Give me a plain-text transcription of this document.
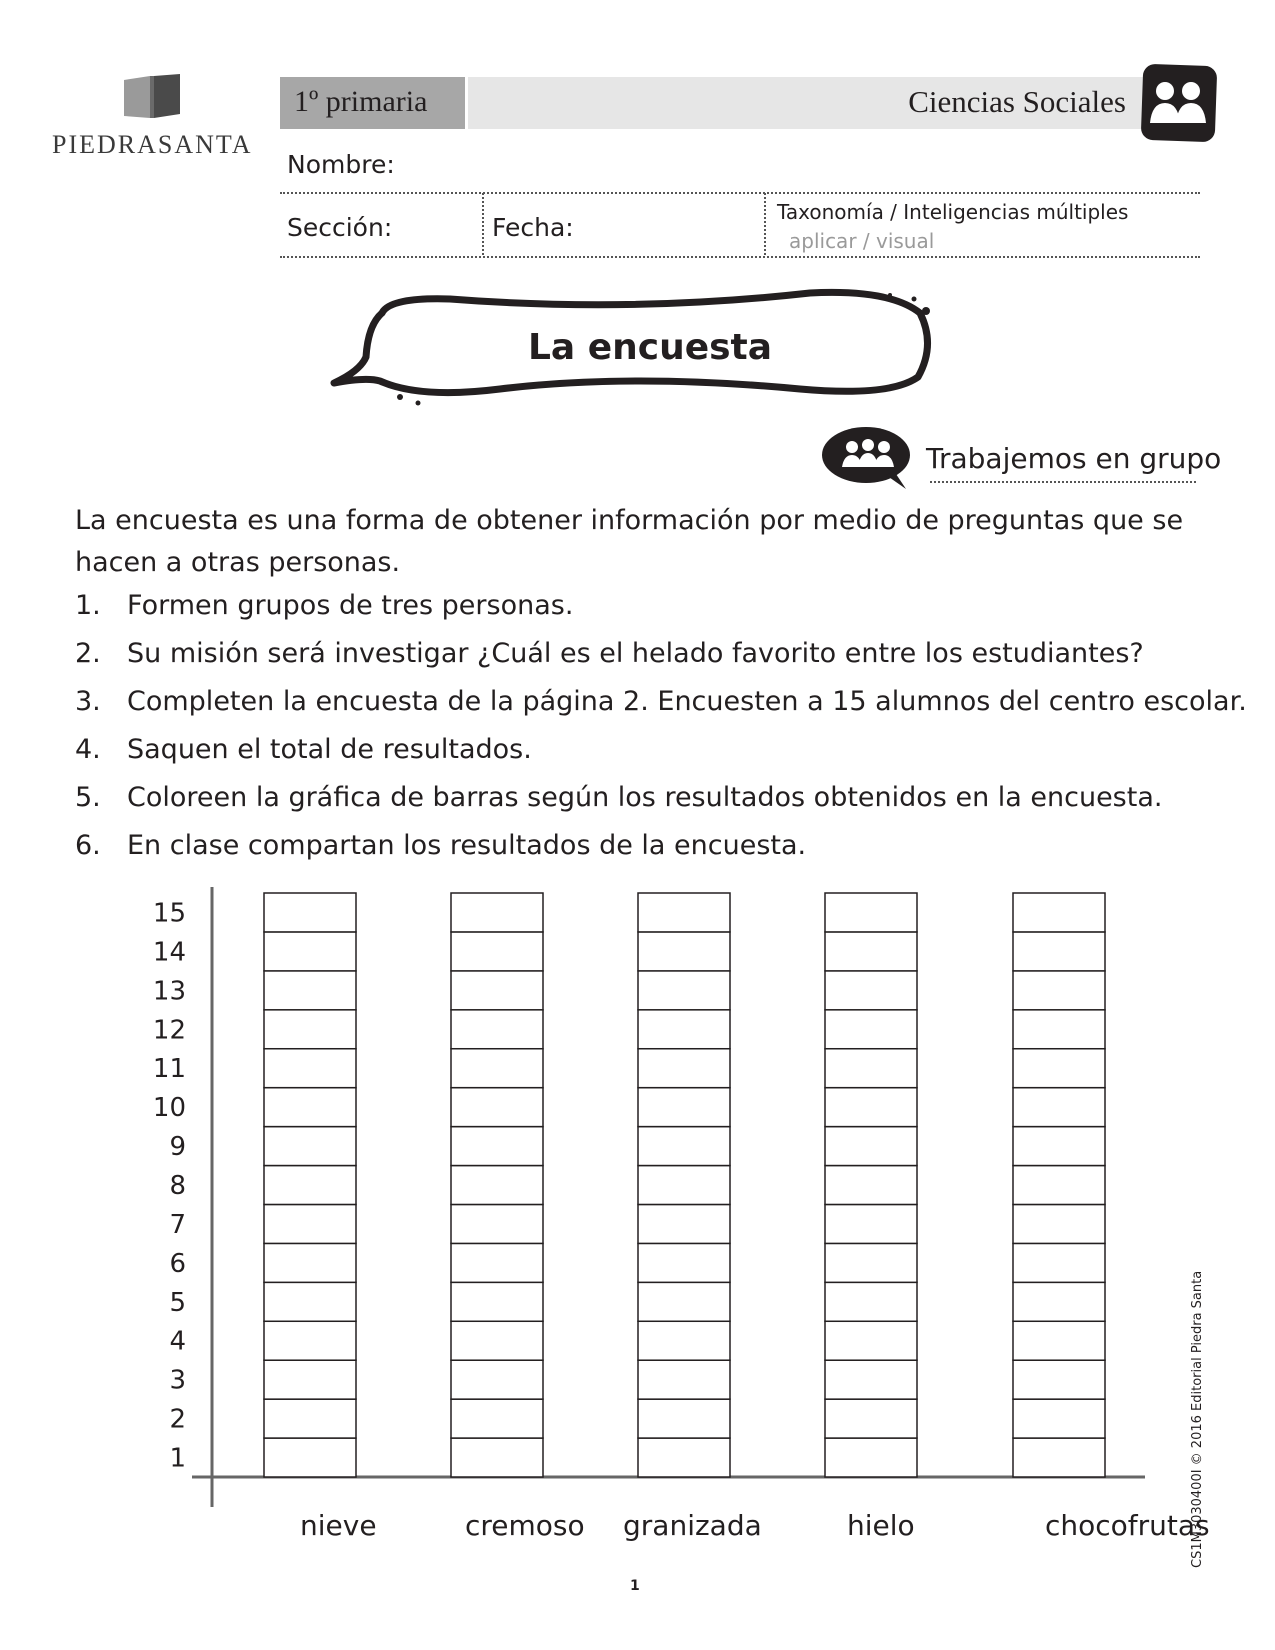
PIEDRASANTA
1º primaria	Ciencias Sociales
Nombre:
Sección:	Fecha:
Taxonomía / Inteligencias múltiples
aplicar / visual
La encuesta
Trabajemos en grupo
La encuesta es una forma de obtener información por medio de preguntas que se
hacen a otras personas.
1. Formen grupos de tres personas.
2. Su misión será investigar ¿Cuál es el helado favorito entre los estudiantes?
3. Completen la encuesta de la página 2. Encuesten a 15 alumnos del centro escolar.
4. Saquen el total de resultados.
5. Coloreen la gráfica de barras según los resultados obtenidos en la encuesta.
6. En clase compartan los resultados de la encuesta.
1
2
3
4
5
6
7
8
9
10
11
12
13
14
15
nieve	cremoso granizada	hielo	chocofrutas
1
CS1M3030400I © 2016 Editorial Piedra Santa
